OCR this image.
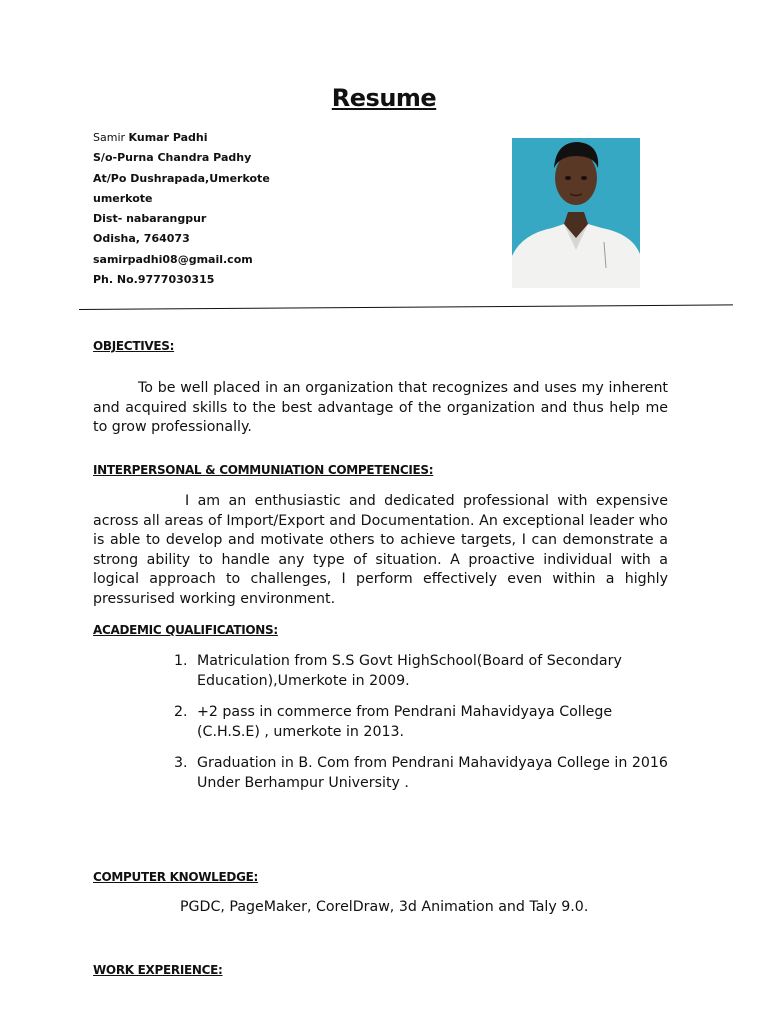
Resume
Samir Kumar Padhi
S/o-Purna Chandra Padhy
At/Po Dushrapada,Umerkote
umerkote
Dist- nabarangpur
Odisha, 764073
samirpadhi08@gmail.com
Ph. No.9777030315
OBJECTIVES:
To be well placed in an organization that recognizes and uses my inherent and acquired skills to the best advantage of the organization and thus help me to grow professionally.
INTERPERSONAL & COMMUNIATION COMPETENCIES:
I am an enthusiastic and dedicated professional with expensive across all areas of Import/Export and Documentation. An exceptional leader who is able to develop and motivate others to achieve targets, I can demonstrate a strong ability to handle any type of situation. A proactive individual with a logical approach to challenges, I perform effectively even within a highly pressurised working environment.
ACADEMIC QUALIFICATIONS:
1. Matriculation from S.S Govt HighSchool(Board of Secondary Education),Umerkote in 2009.
2. +2 pass in commerce from Pendrani Mahavidyaya College (C.H.S.E) , umerkote in 2013.
3. Graduation in B. Com from Pendrani Mahavidyaya College in 2016 Under Berhampur University .
COMPUTER KNOWLEDGE:
PGDC, PageMaker, CorelDraw, 3d Animation and Taly 9.0.
WORK EXPERIENCE:
